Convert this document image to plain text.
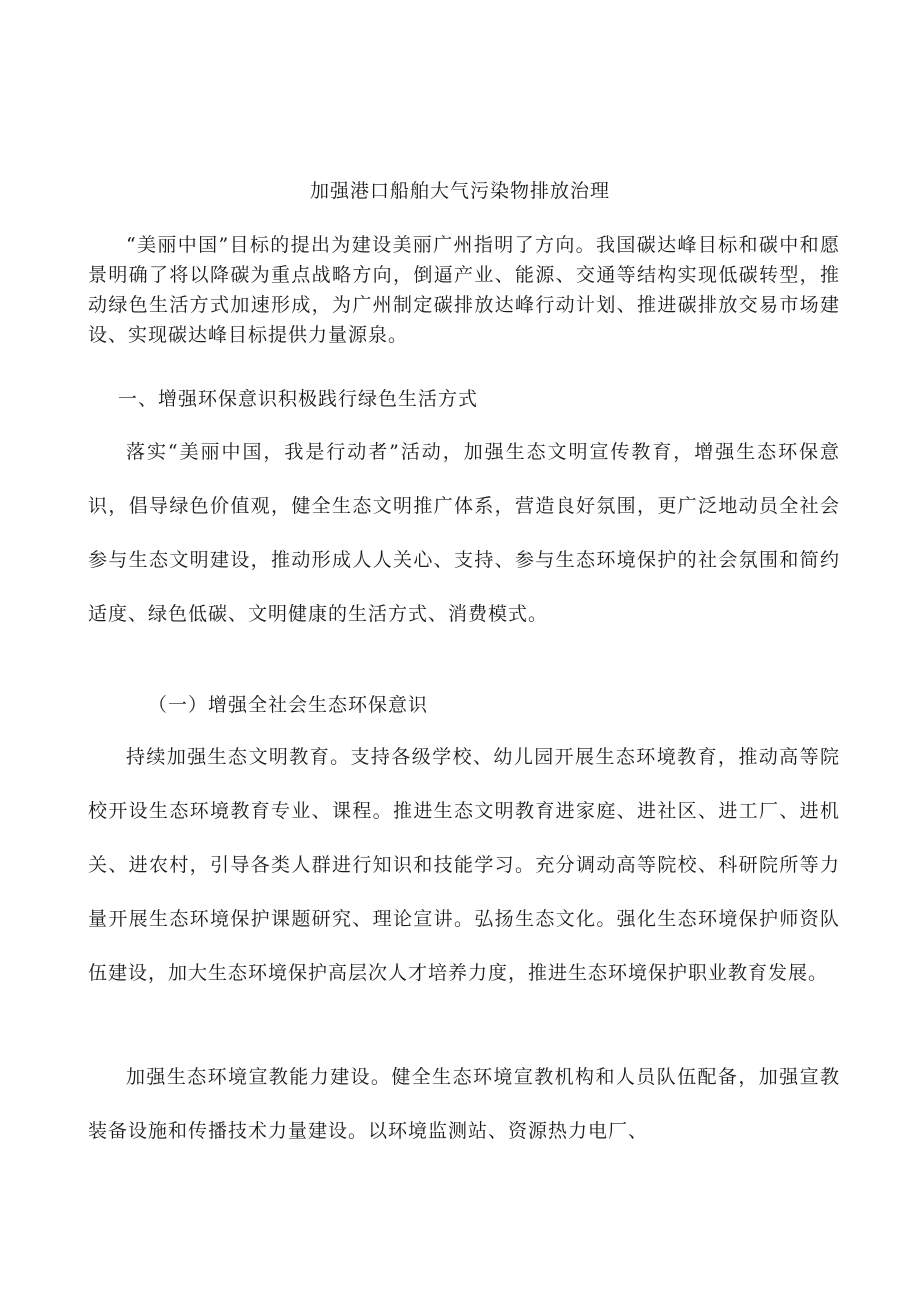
加强港口船舶大气污染物排放治理
“美丽中国”目标的提出为建设美丽广州指明了方向。我国碳达峰目标和碳中和愿景明确了将以降碳为重点战略方向，倒逼产业、能源、交通等结构实现低碳转型，推动绿色生活方式加速形成，为广州制定碳排放达峰行动计划、推进碳排放交易市场建设、实现碳达峰目标提供力量源泉。
一、增强环保意识积极践行绿色生活方式
落实“美丽中国，我是行动者”活动，加强生态文明宣传教育，增强生态环保意识，倡导绿色价值观，健全生态文明推广体系，营造良好氛围，更广泛地动员全社会参与生态文明建设，推动形成人人关心、支持、参与生态环境保护的社会氛围和简约适度、绿色低碳、文明健康的生活方式、消费模式。
（一）增强全社会生态环保意识
持续加强生态文明教育。支持各级学校、幼儿园开展生态环境教育，推动高等院校开设生态环境教育专业、课程。推进生态文明教育进家庭、进社区、进工厂、进机关、进农村，引导各类人群进行知识和技能学习。充分调动高等院校、科研院所等力量开展生态环境保护课题研究、理论宣讲。弘扬生态文化。强化生态环境保护师资队伍建设，加大生态环境保护高层次人才培养力度，推进生态环境保护职业教育发展。
加强生态环境宣教能力建设。健全生态环境宣教机构和人员队伍配备，加强宣教装备设施和传播技术力量建设。以环境监测站、资源热力电厂、
